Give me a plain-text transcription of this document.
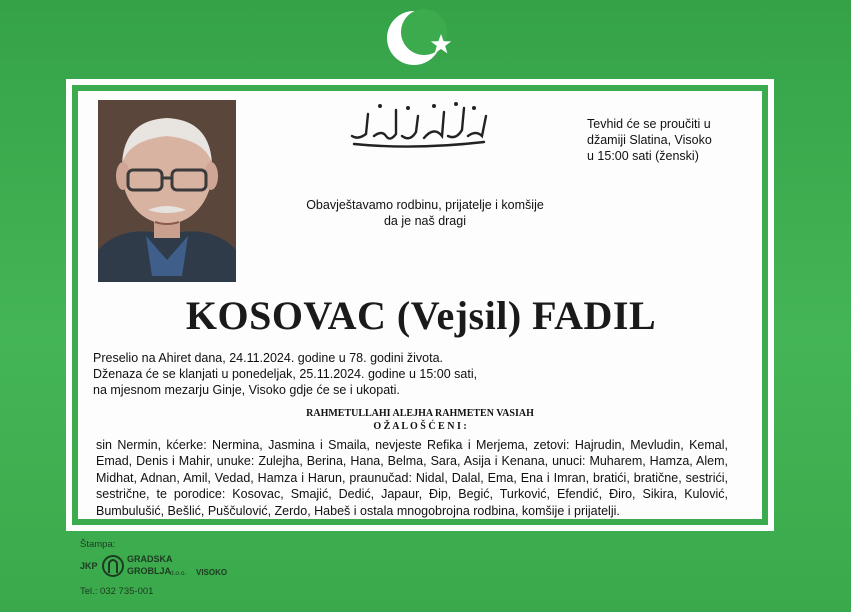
Tevhid će se proučiti u
džamiji Slatina, Visoko
u 15:00 sati (ženski)
Obavještavamo rodbinu, prijatelje i komšije
da je naš dragi
KOSOVAC (Vejsil) FADIL
Preselio na Ahiret dana, 24.11.2024. godine u 78. godini života.
Dženaza će se klanjati u ponedeljak, 25.11.2024. godine u 15:00 sati,
na mjesnom mezarju Ginje, Visoko gdje će se i ukopati.
RAHMETULLAHI ALEJHA RAHMETEN VASIAH
O Ž A L O Š Ć E N I :
sin Nermin, kćerke: Nermina, Jasmina i Smaila, nevjeste Refika i Merjema, zetovi: Hajrudin, Mevludin, Kemal, Emad, Denis i Mahir, unuke: Zulejha, Berina, Hana, Belma, Sara, Asija i Kenana, unuci: Muharem, Hamza, Alem, Midhat, Adnan, Amil, Vedad, Hamza i Harun, praunučad: Nidal, Dalal, Ema, Ena i Imran, bratići, bratičnе, sestrići, sestrične, te porodice: Kosovac, Smajić, Dedić, Japaur, Đip, Begić, Turković, Efendić, Điro, Sikira, Kulović, Bumbulušić, Bešlić, Puščulović, Zerdo, Habeš i ostala mnogobrojna rodbina, komšije i prijatelji.
Štampa:
JKP
GRADSKA
GROBLJA
d.o.o. VISOKO
Tel.: 032 735-001
